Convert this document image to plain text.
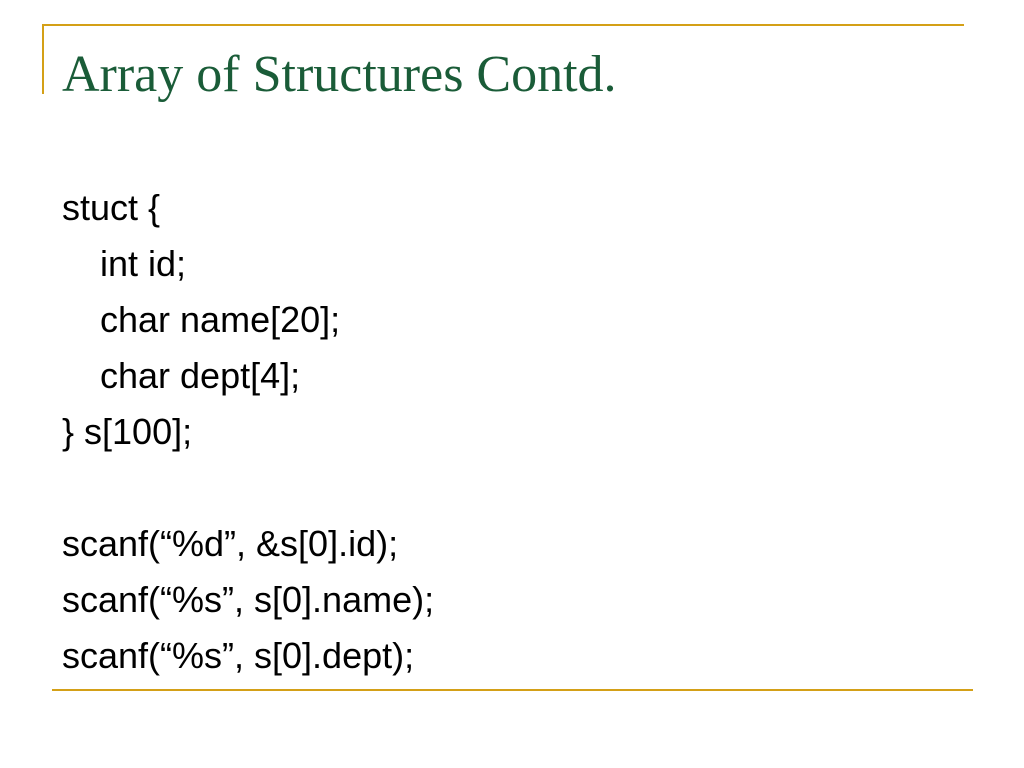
Array of Structures Contd.
stuct {
int id;
char name[20];
char dept[4];
} s[100];
scanf(“%d”, &s[0].id);
scanf(“%s”, s[0].name);
scanf(“%s”, s[0].dept);
